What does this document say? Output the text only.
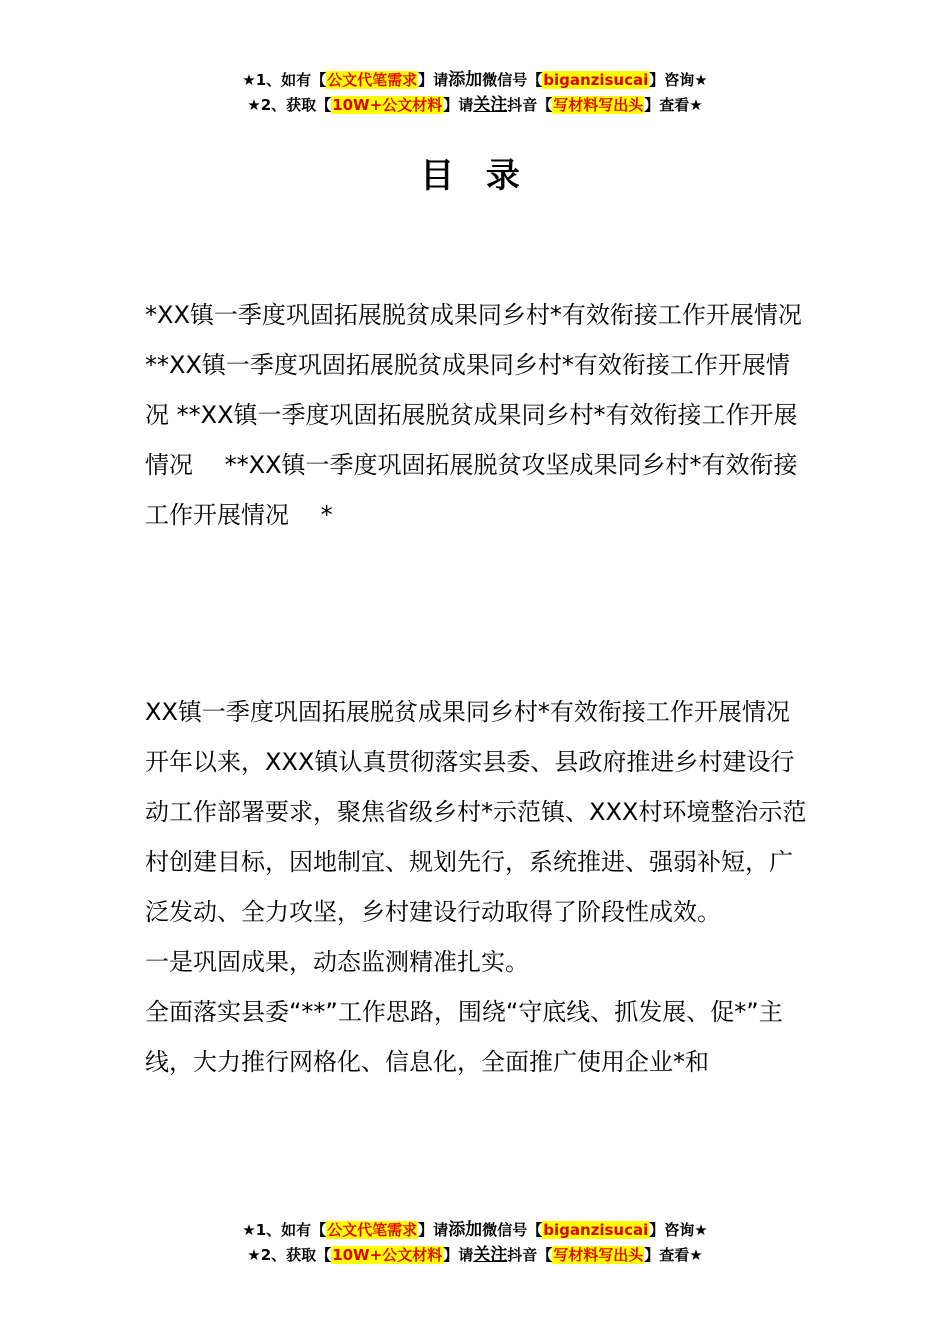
★1、如有【公文代笔需求】请添加微信号【biganzisucai】咨询★
★2、获取【10W+公文材料】请关注抖音【写材料写出头】查看★
目 录
*XX镇一季度巩固拓展脱贫成果同乡村*有效衔接工作开展情况　**XX镇一季度巩固拓展脱贫成果同乡村*有效衔接工作开展情况 **XX镇一季度巩固拓展脱贫成果同乡村*有效衔接工作开展情况　 **XX镇一季度巩固拓展脱贫攻坚成果同乡村*有效衔接工作开展情况　 *

XX镇一季度巩固拓展脱贫成果同乡村*有效衔接工作开展情况

开年以来，XXX镇认真贯彻落实县委、县政府推进乡村建设行动工作部署要求，聚焦省级乡村*示范镇、XXX村环境整治示范村创建目标，因地制宜、规划先行，系统推进、强弱补短，广泛发动、全力攻坚，乡村建设行动取得了阶段性成效。

一是巩固成果，动态监测精准扎实。

全面落实县委“**”工作思路，围绕“守底线、抓发展、促*”主线，大力推行网格化、信息化，全面推广使用企业*和

★1、如有【公文代笔需求】请添加微信号【biganzisucai】咨询★
★2、获取【10W+公文材料】请关注抖音【写材料写出头】查看★
